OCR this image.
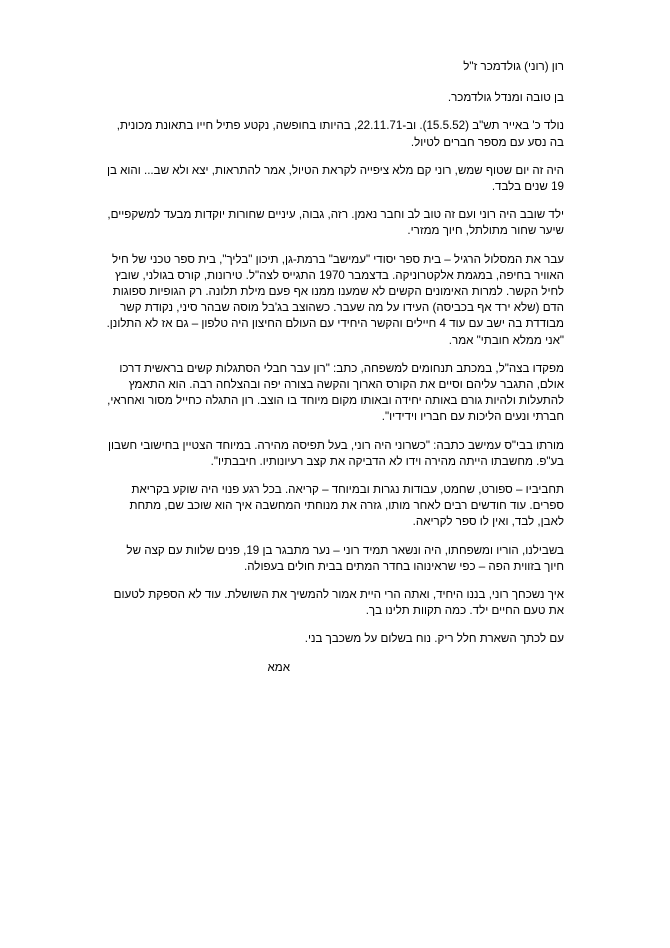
רון (רוני) גולדמכר ז"ל

בן טובה ומנדל גולדמכר.

נולד כ' באייר תש"ב (15.5.52). וב-22.11.71, בהיותו בחופשה, נקטע פתיל חייו בתאונת מכונית, בה נסע עם מספר חברים לטיול.

היה זה יום שטוף שמש, רוני קם מלא ציפייה לקראת הטיול, אמר להתראות, יצא ולא שב... והוא בן 19 שנים בלבד.

ילד שובב היה רוני ועם זה טוב לב וחבר נאמן. רזה, גבוה, עיניים שחורות יוקדות מבעד למשקפיים, שיער שחור מתולתל, חיוך ממזרי.

עבר את המסלול הרגיל – בית ספר יסודי "עמישב" ברמת-גן, תיכון "בליך", בית ספר טכני של חיל האוויר בחיפה, במגמת אלקטרוניקה. בדצמבר 1970 התגייס לצה"ל. טירונות, קורס בגולני, שובץ לחיל הקשר. למרות האימונים הקשים לא שמענו ממנו אף פעם מילת תלונה. רק הגופיות ספוגות הדם (שלא ירד אף בכביסה) העידו על מה שעבר. כשהוצב בג'בל מוסה שבהר סיני, נקודת קשר מבודדת בה ישב עם עוד 4 חיילים והקשר היחידי עם העולם החיצון היה טלפון – גם אז לא התלונן. "אני ממלא חובתי" אמר.

מפקדו בצה"ל, במכתב תנחומים למשפחה, כתב: "רון עבר חבלי הסתגלות קשים בראשית דרכו אולם, התגבר עליהם וסיים את הקורס הארוך והקשה בצורה יפה ובהצלחה רבה. הוא התאמץ להתעלות ולהיות גורם באותה יחידה ובאותו מקום מיוחד בו הוצב. רון התגלה כחייל מסור ואחראי, חברתי ונעים הליכות עם חבריו וידידיו".

מורתו בבי"ס עמישב כתבה: "כשרוני היה רוני, בעל תפיסה מהירה. במיוחד הצטיין בחישובי חשבון בע"פ. מחשבתו הייתה מהירה וידו לא הדביקה את קצב רעיונותיו. חיבבתיו".

תחביביו – ספורט, שחמט, עבודות נגרות ובמיוחד – קריאה. בכל רגע פנוי היה שוקע בקריאת ספרים. עוד חודשים רבים לאחר מותו, גזרה את מנוחתי המחשבה איך הוא שוכב שם, מתחת לאבן, לבד, ואין לו ספר לקריאה.

בשבילנו, הוריו ומשפחתו, היה ונשאר תמיד רוני – נער מתבגר בן 19, פנים שלוות עם קצה של חיוך בזווית הפה – כפי שראינוהו בחדר המתים בבית חולים בעפולה.

איך נשכחך רוני, בננו היחיד, ואתה הרי היית אמור להמשיך את השושלת. עוד לא הספקת לטעום את טעם החיים ילד. כמה תקוות תלינו בך.

עם לכתך השארת חלל ריק. נוח בשלום על משכבך בני.

אמא
